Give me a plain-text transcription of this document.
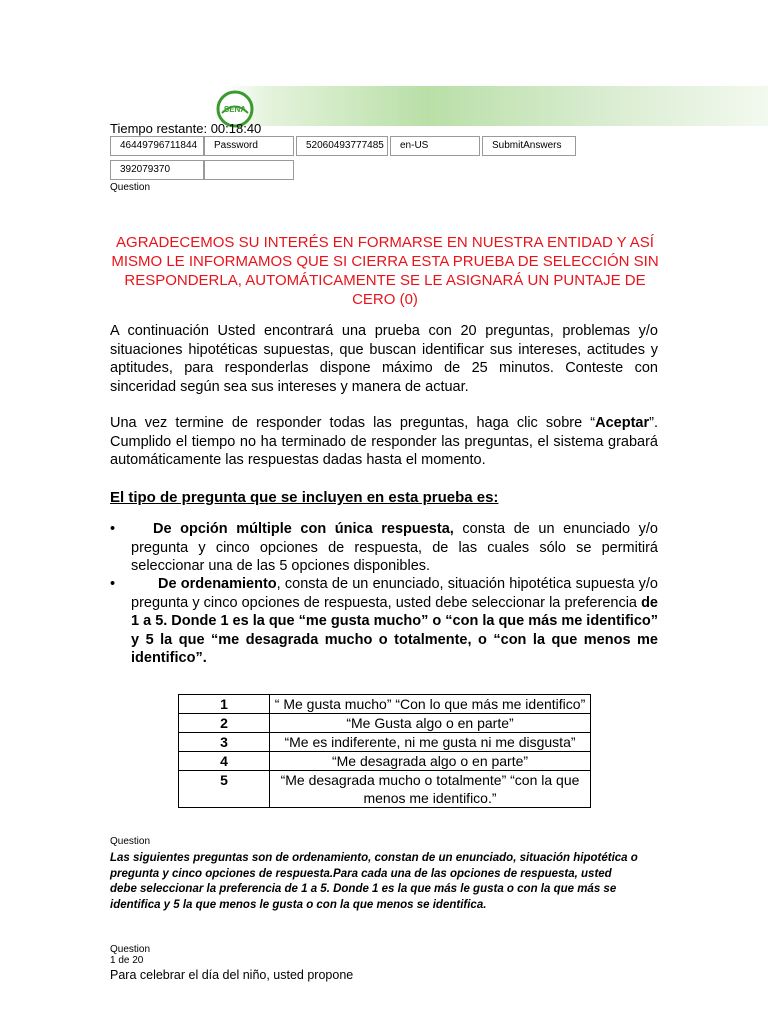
SENA
Tiempo restante: 00:18:40
46449796711844	Password	52060493777485	en-US	SubmitAnswers
392079370
Question
AGRADECEMOS SU INTERÉS EN FORMARSE EN NUESTRA ENTIDAD Y ASÍ MISMO LE INFORMAMOS QUE SI CIERRA ESTA PRUEBA DE SELECCIÓN SIN RESPONDERLA, AUTOMÁTICAMENTE SE LE ASIGNARÁ UN PUNTAJE DE CERO (0)
A continuación Usted encontrará una prueba con 20 preguntas, problemas y/o situaciones hipotéticas supuestas, que buscan identificar sus intereses, actitudes y aptitudes, para responderlas dispone máximo de 25 minutos. Conteste con sinceridad según sea sus intereses y manera de actuar.
Una vez termine de responder todas las preguntas, haga clic sobre “Aceptar”. Cumplido el tiempo no ha terminado de responder las preguntas, el sistema grabará automáticamente las respuestas dadas hasta el momento.
El tipo de pregunta que se incluyen en esta prueba es:
•	De opción múltiple con única respuesta, consta de un enunciado y/o pregunta y cinco opciones de respuesta, de las cuales sólo se permitirá seleccionar una de las 5 opciones disponibles.
•	De ordenamiento, consta de un enunciado, situación hipotética supuesta y/o pregunta y cinco opciones de respuesta, usted debe seleccionar la preferencia de 1 a 5. Donde 1 es la que “me gusta mucho” o “con la que más me identifico” y 5 la que “me desagrada mucho o totalmente, o “con la que menos me identifico”.
1	“ Me gusta mucho” “Con lo que más me identifico”
2	“Me Gusta algo o en parte”
3	“Me es indiferente, ni me gusta ni me disgusta”
4	“Me desagrada algo o en parte”
5	“Me desagrada mucho o totalmente” “con la que menos me identifico.”
Question
Las siguientes preguntas son de ordenamiento, constan de un enunciado, situación hipotética o pregunta y cinco opciones de respuesta.Para cada una de las opciones de respuesta, usted debe seleccionar la preferencia de 1 a 5. Donde 1 es la que más le gusta o con la que más se identifica y 5 la que menos le gusta o con la que menos se identifica.
Question
1 de 20
Para celebrar el día del niño, usted propone
